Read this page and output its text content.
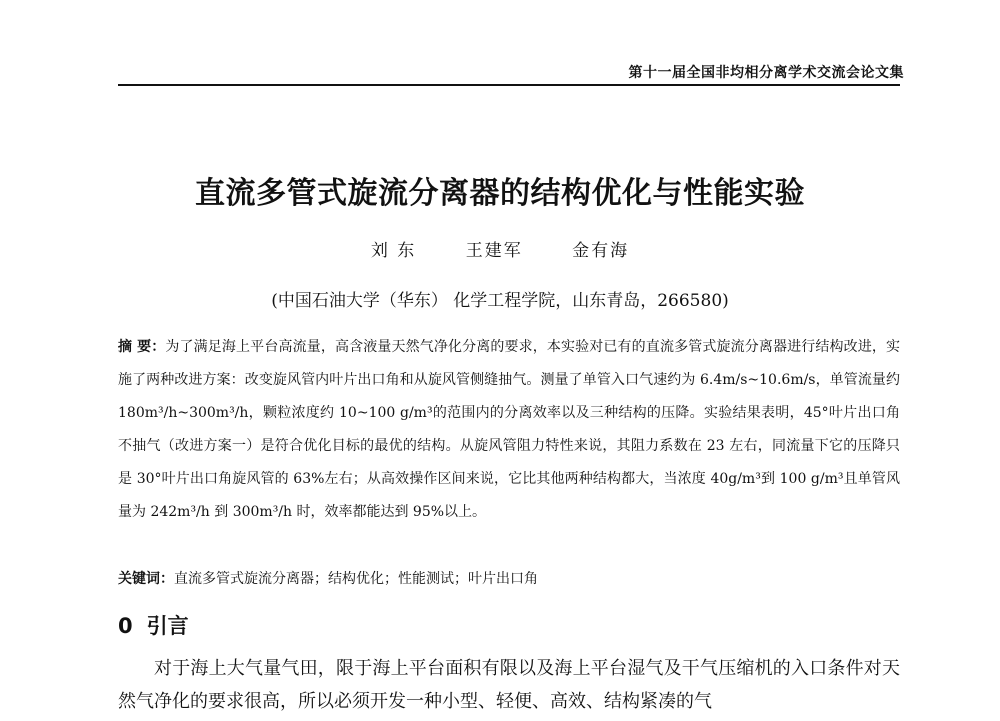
第十一届全国非均相分离学术交流会论文集
直流多管式旋流分离器的结构优化与性能实验
刘 东	王建军	金有海
(中国石油大学（华东） 化学工程学院，山东青岛，266580)
摘 要：为了满足海上平台高流量，高含液量天然气净化分离的要求，本实验对已有的直流多管式旋流分离器进行结构改进，实施了两种改进方案：改变旋风管内叶片出口角和从旋风管侧缝抽气。测量了单管入口气速约为 6.4m/s~10.6m/s，单管流量约 180m³/h~300m³/h，颗粒浓度约 10~100 g/m³的范围内的分离效率以及三种结构的压降。实验结果表明，45°叶片出口角不抽气（改进方案一）是符合优化目标的最优的结构。从旋风管阻力特性来说，其阻力系数在 23 左右，同流量下它的压降只是 30°叶片出口角旋风管的 63%左右；从高效操作区间来说，它比其他两种结构都大，当浓度 40g/m³到 100 g/m³且单管风量为 242m³/h 到 300m³/h 时，效率都能达到 95%以上。
关键词：直流多管式旋流分离器；结构优化；性能测试；叶片出口角
0 引言
对于海上大气量气田，限于海上平台面积有限以及海上平台湿气及干气压缩机的入口条件对天然气净化的要求很高，所以必须开发一种小型、轻便、高效、结构紧凑的气
